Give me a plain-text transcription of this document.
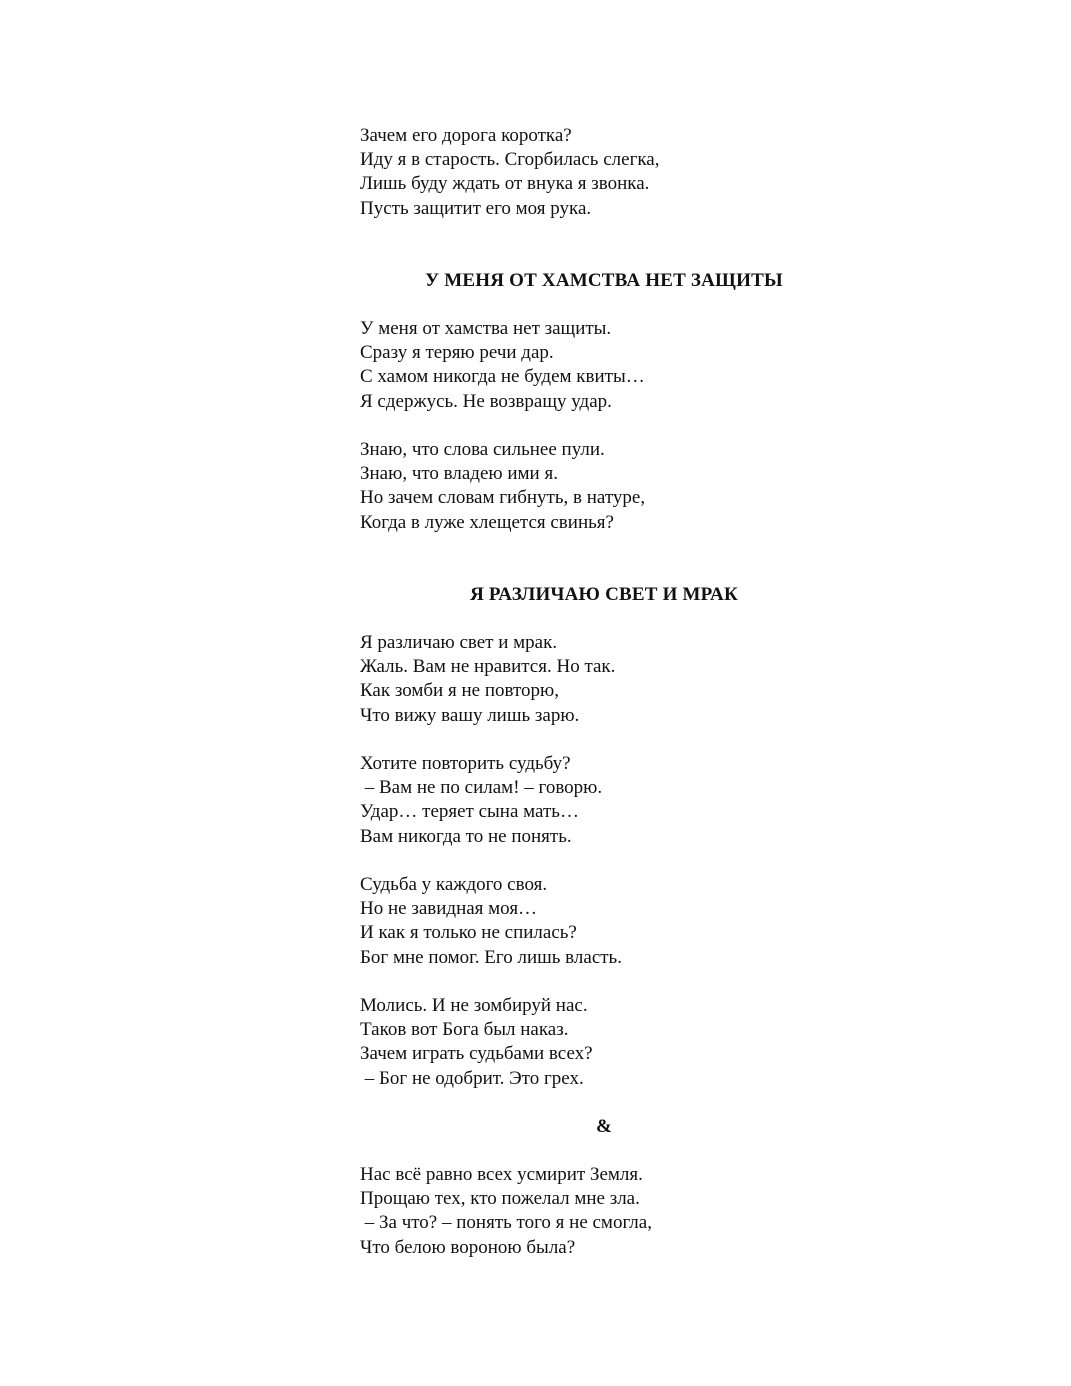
Зачем его дорога коротка?
Иду я в старость. Сгорбилась слегка,
Лишь буду ждать от внука я звонка.
Пусть защитит его моя рука.
У МЕНЯ ОТ ХАМСТВА НЕТ ЗАЩИТЫ
У меня от хамства нет защиты.
Сразу я теряю речи дар.
С хамом никогда не будем квиты…
Я сдержусь. Не возвращу удар.
Знаю, что слова сильнее пули.
Знаю, что владею ими я.
Но зачем словам гибнуть, в натуре,
Когда в луже хлещется свинья?
Я РАЗЛИЧАЮ СВЕТ И МРАК
Я различаю свет и мрак.
Жаль. Вам не нравится. Но так.
Как зомби я не повторю,
Что вижу вашу лишь зарю.
Хотите повторить судьбу?
– Вам не по силам! – говорю.
Удар… теряет сына мать…
Вам никогда то не понять.
Судьба у каждого своя.
Но не завидная моя…
И как я только не спилась?
Бог мне помог. Его лишь власть.
Молись. И не зомбируй нас.
Таков вот Бога был наказ.
Зачем играть судьбами всех?
– Бог не одобрит. Это грех.
&
Нас всё равно всех усмирит Земля.
Прощаю тех, кто пожелал мне зла.
– За что? – понять того я не смогла,
Что белою вороною была?
